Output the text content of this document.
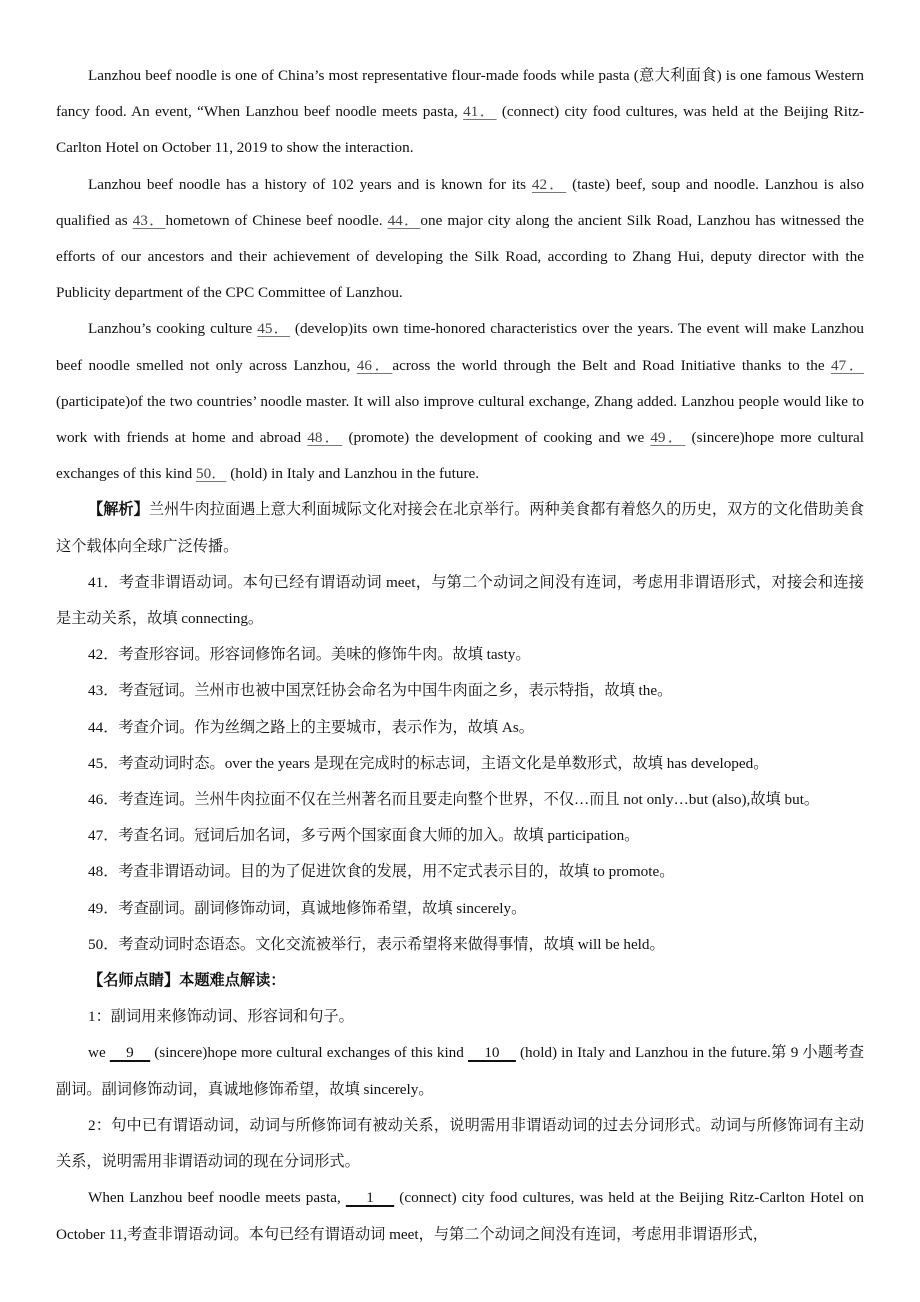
Lanzhou beef noodle is one of China’s most representative flour-made foods while pasta (意大利面食) is one famous Western fancy food. An event, “When Lanzhou beef noodle meets pasta, 41． (connect) city food cultures, was held at the Beijing Ritz-Carlton Hotel on October 11, 2019 to show the interaction.

Lanzhou beef noodle has a history of 102 years and is known for its 42． (taste) beef, soup and noodle. Lanzhou is also qualified as 43．hometown of Chinese beef noodle. 44．one major city along the ancient Silk Road, Lanzhou has witnessed the efforts of our ancestors and their achievement of developing the Silk Road, according to Zhang Hui, deputy director with the Publicity department of the CPC Committee of Lanzhou.

Lanzhou’s cooking culture 45． (develop)its own time-honored characteristics over the years. The event will make Lanzhou beef noodle smelled not only across Lanzhou, 46．across the world through the Belt and Road Initiative thanks to the 47． (participate)of the two countries’ noodle master. It will also improve cultural exchange, Zhang added. Lanzhou people would like to work with friends at home and abroad 48． (promote) the development of cooking and we 49． (sincere)hope more cultural exchanges of this kind 50． (hold) in Italy and Lanzhou in the future.

【解析】兰州牛肉拉面遇上意大利面城际文化对接会在北京举行。两种美食都有着悠久的历史，双方的文化借助美食这个载体向全球广泛传播。

41．考查非谓语动词。本句已经有谓语动词 meet，与第二个动词之间没有连词，考虑用非谓语形式，对接会和连接是主动关系，故填 connecting。

42．考查形容词。形容词修饰名词。美味的修饰牛肉。故填 tasty。

43．考查冠词。兰州市也被中国烹饪协会命名为中国牛肉面之乡，表示特指，故填 the。

44．考查介词。作为丝绸之路上的主要城市，表示作为，故填 As。

45．考查动词时态。over the years 是现在完成时的标志词，主语文化是单数形式，故填 has developed。

46．考查连词。兰州牛肉拉面不仅在兰州著名而且要走向整个世界，不仅…而且 not only…but (also),故填 but。

47．考查名词。冠词后加名词，多亏两个国家面食大师的加入。故填 participation。

48．考查非谓语动词。目的为了促进饮食的发展，用不定式表示目的，故填 to promote。

49．考查副词。副词修饰动词，真诚地修饰希望，故填 sincerely。

50．考查动词时态语态。文化交流被举行，表示希望将来做得事情，故填 will be held。

【名师点睛】本题难点解读：

1：副词用来修饰动词、形容词和句子。

we     9     (sincere)hope more cultural exchanges of this kind     10     (hold) in Italy and Lanzhou in the future.第 9 小题考查副词。副词修饰动词，真诚地修饰希望，故填 sincerely。

2：句中已有谓语动词，动词与所修饰词有被动关系，说明需用非谓语动词的过去分词形式。动词与所修饰词有主动关系，说明需用非谓语动词的现在分词形式。

When Lanzhou beef noodle meets pasta,     1     (connect) city food cultures, was held at the Beijing Ritz-Carlton Hotel on October 11,考查非谓语动词。本句已经有谓语动词 meet，与第二个动词之间没有连词，考虑用非谓语形式，
